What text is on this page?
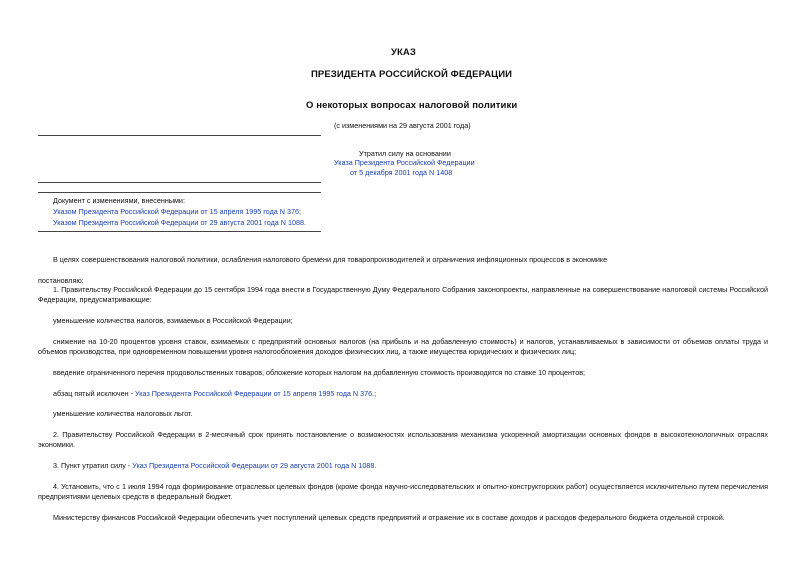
УКАЗ
ПРЕЗИДЕНТА РОССИЙСКОЙ ФЕДЕРАЦИИ
О некоторых вопросах налоговой политики
(с изменениями на 29 августа 2001 года)
Утратил силу на основании
Указа Президента Российской Федерации
от 5 декабря 2001 года N 1408
Документ с изменениями, внесенными:
Указом Президента Российской Федерации от 15 апреля 1995 года N 376;
Указом Президента Российской Федерации от 29 августа 2001 года N 1088.
В целях совершенствования налоговой политики, ослабления налогового бремени для товаропроизводителей и ограничения инфляционных процессов в экономике
постановляю:
1. Правительству Российской Федерации до 15 сентября 1994 года внести в Государственную Думу Федерального Собрания законопроекты, направленные на совершенствование налоговой системы Российской Федерации, предусматривающие:
уменьшение количества налогов, взимаемых в Российской Федерации;
снижение на 10-20 процентов уровня ставок, взимаемых с предприятий основных налогов (на прибыль и на добавленную стоимость) и налогов, устанавливаемых в зависимости от объемов оплаты труда и объемов производства, при одновременном повышении уровня налогообложения доходов физических лиц, а также имущества юридических и физических лиц;
введение ограниченного перечня продовольственных товаров, обложение которых налогом на добавленную стоимость производится по ставке 10 процентов;
абзац пятый исключен - Указ Президента Российской Федерации от 15 апреля 1995 года N 376.;
уменьшение количества налоговых льгот.
2. Правительству Российской Федерации в 2-месячный срок принять постановление о возможностях использования механизма ускоренной амортизации основных фондов в высокотехнологичных отраслях экономики.
3. Пункт утратил силу - Указ Президента Российской Федерации от 29 августа 2001 года N 1088.
4. Установить, что с 1 июля 1994 года формирование отраслевых целевых фондов (кроме фонда научно-исследовательских и опытно-конструкторских работ) осуществляется исключительно путем перечисления предприятиями целевых средств в федеральный бюджет.
Министерству финансов Российской Федерации обеспечить учет поступлений целевых средств предприятий и отражение их в составе доходов и расходов федерального бюджета отдельной строкой.
